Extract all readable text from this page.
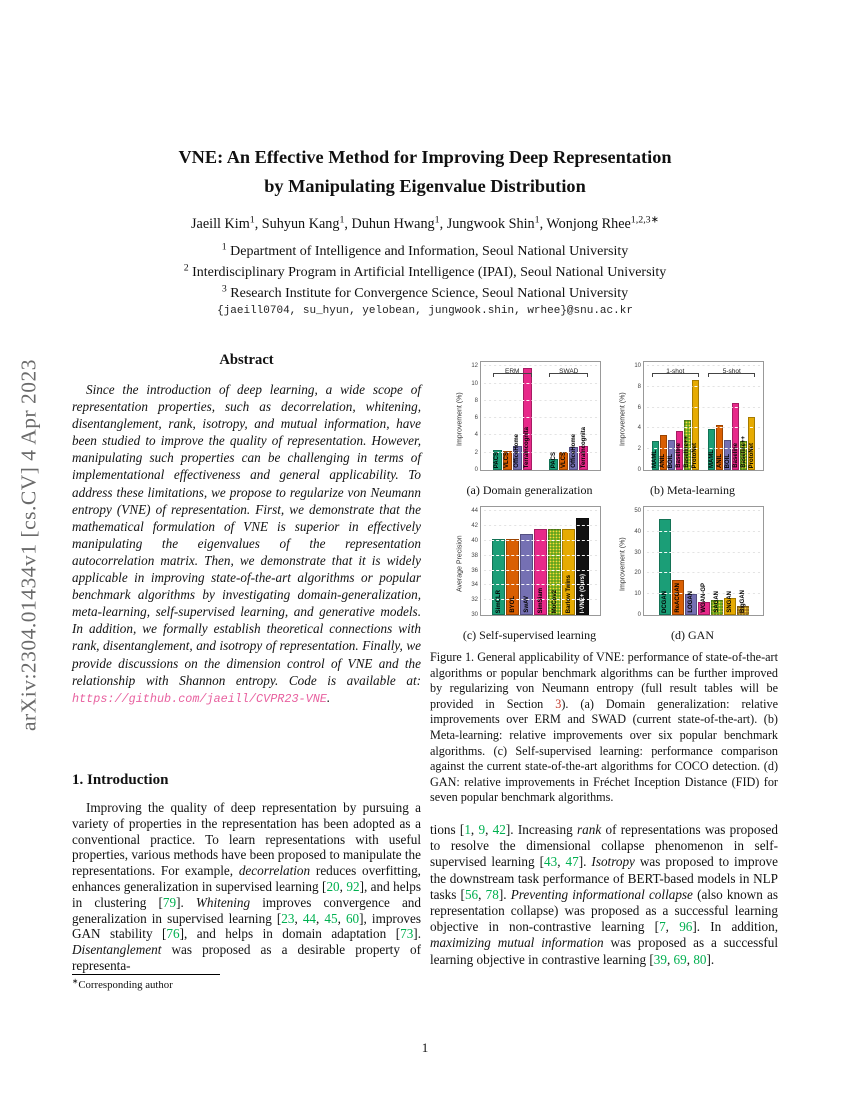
arXiv:2304.01434v1 [cs.CV] 4 Apr 2023
VNE: An Effective Method for Improving Deep Representation
by Manipulating Eigenvalue Distribution
Jaeill Kim$^1$, Suhyun Kang$^1$, Duhun Hwang$^1$, Jungwook Shin$^1$, Wonjong Rhee$^{1,2,3∗}$
$^1$ Department of Intelligence and Information, Seoul National University
$^2$ Interdisciplinary Program in Artificial Intelligence (IPAI), Seoul National University
$^3$ Research Institute for Convergence Science, Seoul National University
{jaeill0704, su_hyun, yelobean, jungwook.shin, wrhee}@snu.ac.kr
Abstract
Since the introduction of deep learning, a wide scope of representation properties, such as decorrelation, whitening, disentanglement, rank, isotropy, and mutual information, have been studied to improve the quality of representation. However, manipulating such properties can be challenging in terms of implementational effectiveness and general applicability. To address these limitations, we propose to regularize von Neumann entropy (VNE) of representation. First, we demonstrate that the mathematical formulation of VNE is superior in effectively manipulating the eigenvalues of the representation autocorrelation matrix. Then, we demonstrate that it is widely applicable in improving state-of-the-art algorithms or popular benchmark algorithms by investigating domain-generalization, meta-learning, self-supervised learning, and generative models. In addition, we formally establish theoretical connections with rank, disentanglement, and isotropy of representation. Finally, we provide discussions on the dimension control of VNE and the relationship with Shannon entropy. Code is available at: https://github.com/jaeill/CVPR23-VNE.
1. Introduction
Improving the quality of deep representation by pursuing a variety of properties in the representation has been adopted as a conventional practice. To learn representations with useful properties, various methods have been proposed to manipulate the representations. For example, decorrelation reduces overfitting, enhances generalization in supervised learning [20, 92], and helps in clustering [79]. Whitening improves convergence and generalization in supervised learning [23, 44, 45, 60], improves GAN stability [76], and helps in domain adaptation [73]. Disentanglement was proposed as a desirable property of representa-
∗Corresponding author
Improvement (%)
0
2
4
6
8
10
12
ERM
PACS VLCS OfficeHome TerraIncognita
SWAD
PACS VLCS OfficeHome TerraIncognita
(a) Domain generalization
Improvement (%)
0
2
4
6
8
10
1-shot
MAML ANIL BOIL Baseline Baseline++ ProtoNet
5-shot
MAML ANIL BOIL Baseline Baseline++ ProtoNet
(b) Meta-learning
Average Precision
30
32
34
36
38
40
42
44
SimCLR BYOL SwAV SimSiam MoCov2 Barlow Twins I-VNE+ (Ours)
(c) Self-supervised learning
Improvement (%)
0
10
20
30
40
50
DCGAN ReACGAN LOGAN WGAN-GP SAGAN SNGAN BigGAN
(d) GAN
Figure 1. General applicability of VNE: performance of state-of-the-art algorithms or popular benchmark algorithms can be further improved by regularizing von Neumann entropy (full result tables will be provided in Section 3). (a) Domain generalization: relative improvements over ERM and SWAD (current state-of-the-art). (b) Meta-learning: relative improvements over six popular benchmark algorithms. (c) Self-supervised learning: performance comparison against the current state-of-the-art algorithms for COCO detection. (d) GAN: relative improvements in Fréchet Inception Distance (FID) for seven popular benchmark algorithms.
tions [1, 9, 42]. Increasing rank of representations was proposed to resolve the dimensional collapse phenomenon in self-supervised learning [43, 47]. Isotropy was proposed to improve the downstream task performance of BERT-based models in NLP tasks [56, 78]. Preventing informational collapse (also known as representation collapse) was proposed as a successful learning objective in non-contrastive learning [7, 96]. In addition, maximizing mutual information was proposed as a successful learning objective in contrastive learning [39, 69, 80].
1
